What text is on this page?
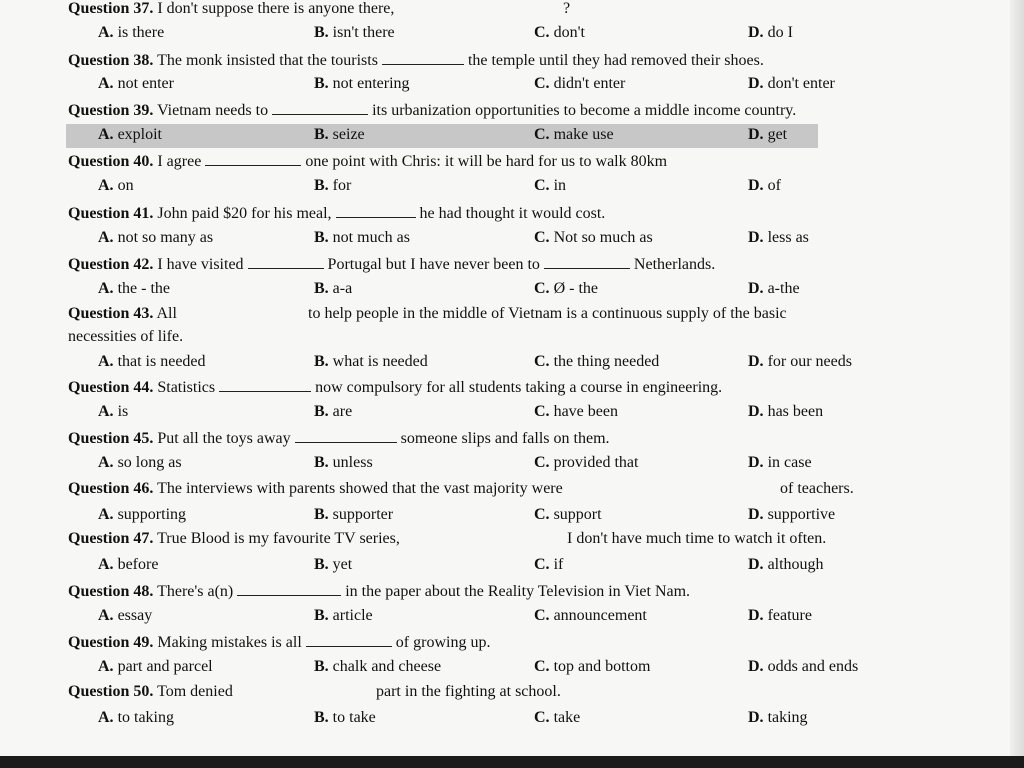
Question 37. I don't suppose there is anyone there,	?
A. is there	B. isn't there	C. don't	D. do I
Question 38. The monk insisted that the tourists	the temple until they had removed their shoes.
A. not enter	B. not entering	C. didn't enter	D. don't enter
Question 39. Vietnam needs to	its urbanization opportunities to become a middle income country.
A. exploit	B. seize	C. make use	D. get
Question 40. I agree	one point with Chris: it will be hard for us to walk 80km
A. on	B. for	C. in	D. of
Question 41. John paid $20 for his meal,	he had thought it would cost.
A. not so many as	B. not much as	C. Not so much as	D. less as
Question 42. I have visited	Portugal but I have never been to	Netherlands.
A. the - the	B. a-a	C. Ø - the	D. a-the
Question 43. All	to help people in the middle of Vietnam is a continuous supply of the basic
necessities of life.
A. that is needed	B. what is needed	C. the thing needed	D. for our needs
Question 44. Statistics	now compulsory for all students taking a course in engineering.
A. is	B. are	C. have been	D. has been
Question 45. Put all the toys away	someone slips and falls on them.
A. so long as	B. unless	C. provided that	D. in case
Question 46. The interviews with parents showed that the vast majority were	of teachers.
A. supporting	B. supporter	C. support	D. supportive
Question 47. True Blood is my favourite TV series,	I don't have much time to watch it often.
A. before	B. yet	C. if	D. although
Question 48. There's a(n)	in the paper about the Reality Television in Viet Nam.
A. essay	B. article	C. announcement	D. feature
Question 49. Making mistakes is all	of growing up.
A. part and parcel	B. chalk and cheese	C. top and bottom	D. odds and ends
Question 50. Tom denied	part in the fighting at school.
A. to taking	B. to take	C. take	D. taking
